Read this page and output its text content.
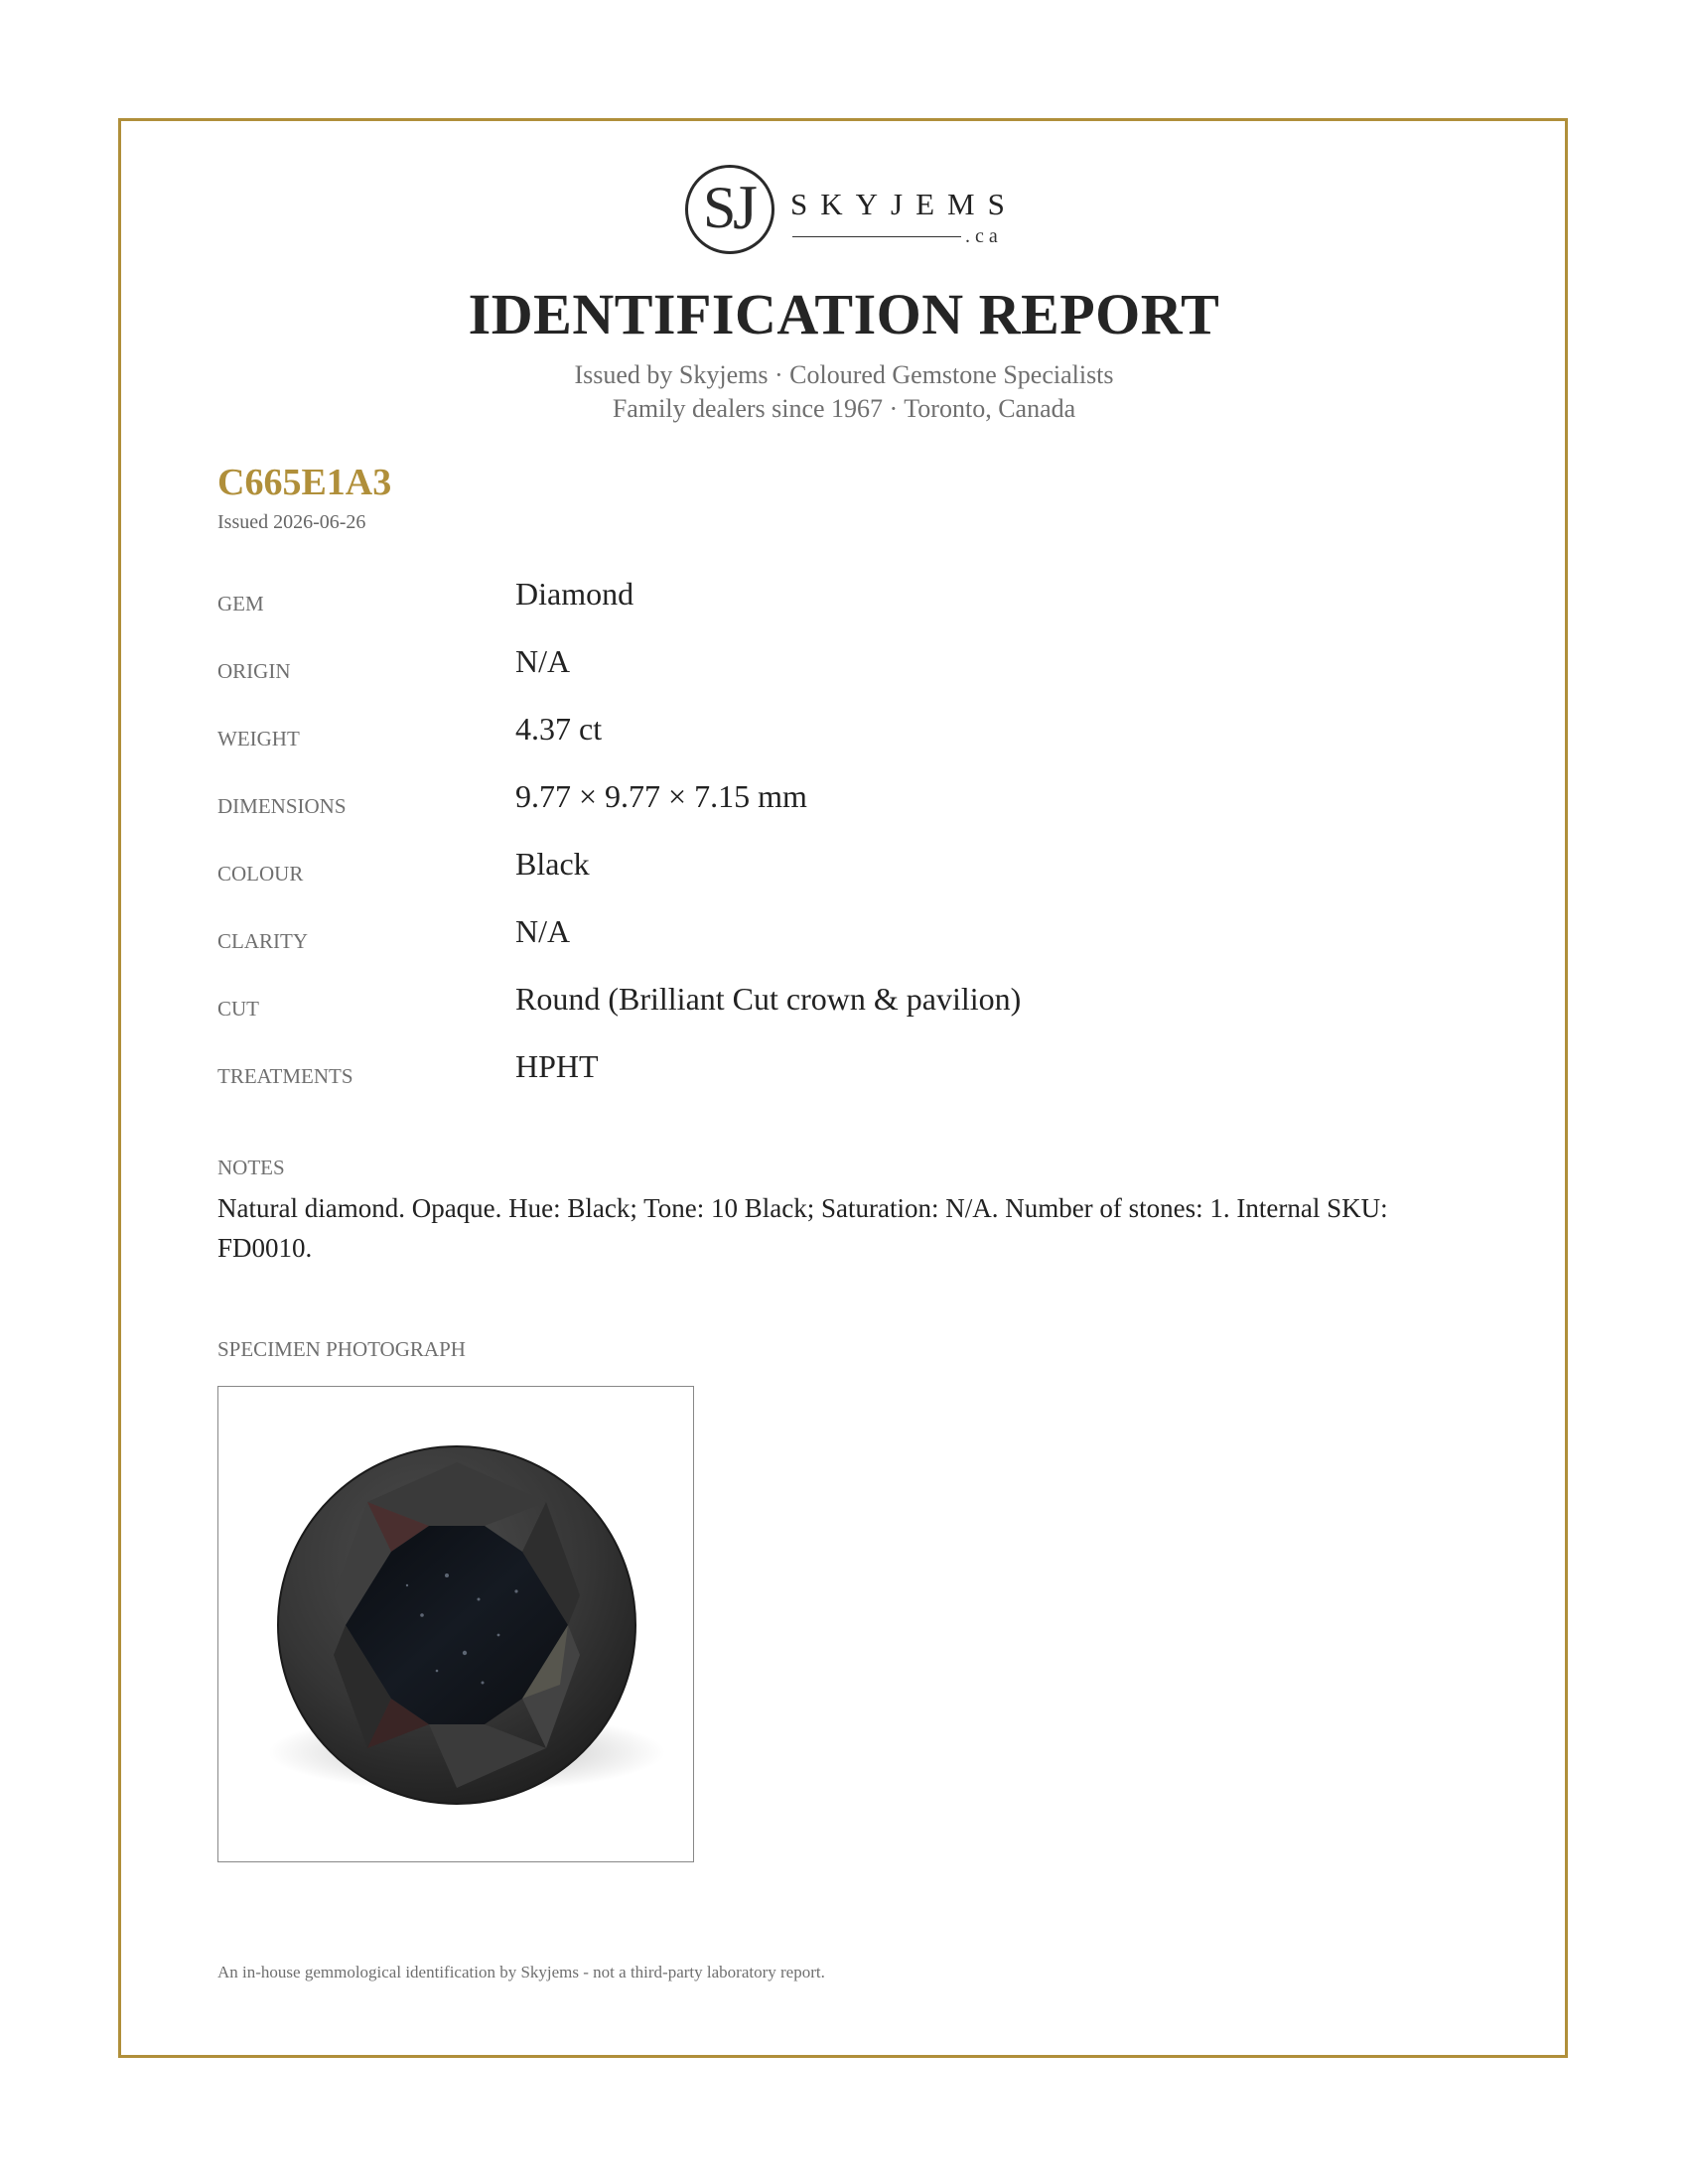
S
J SKYJEMS
.ca
IDENTIFICATION REPORT
Issued by Skyjems · Coloured Gemstone Specialists
Family dealers since 1967 · Toronto, Canada
C665E1A3
Issued 2026-06-26
GEM	Diamond
ORIGIN	N/A
WEIGHT	4.37 ct
DIMENSIONS	9.77 × 9.77 × 7.15 mm
COLOUR	Black
CLARITY	N/A
CUT	Round (Brilliant Cut crown & pavilion)
TREATMENTS	HPHT
NOTES
Natural diamond. Opaque. Hue: Black; Tone: 10 Black; Saturation: N/A. Number of stones: 1. Internal SKU: FD0010.
SPECIMEN PHOTOGRAPH
An in-house gemmological identification by Skyjems - not a third-party laboratory report.
